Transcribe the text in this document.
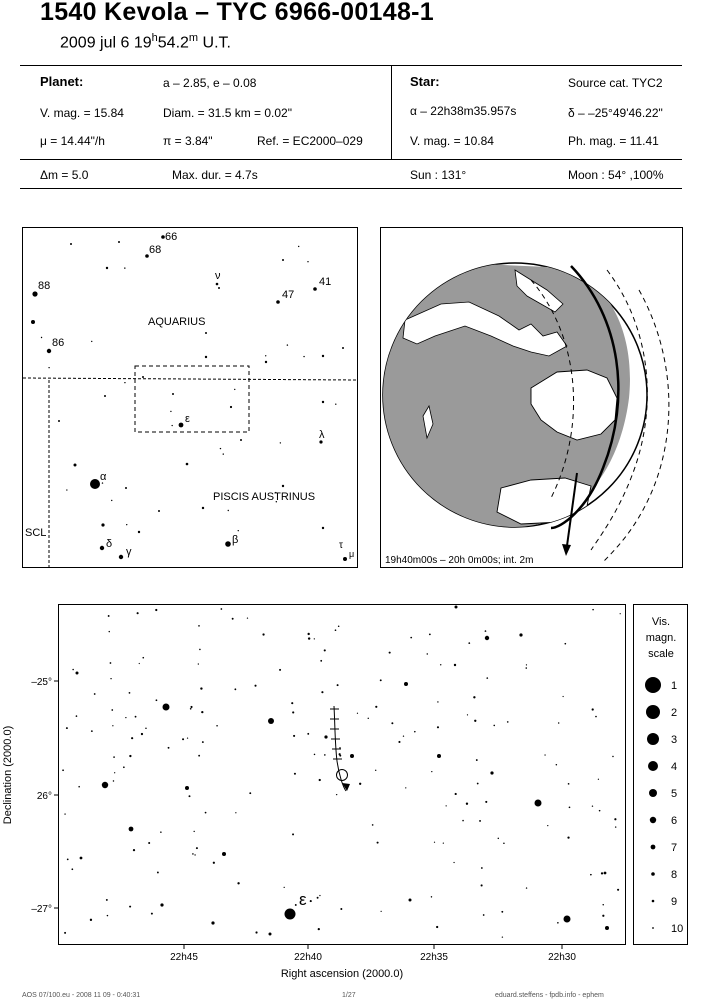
1540 Kevola – TYC 6966-00148-1
2009 jul 6 19$^h$54.2$^m$ U.T.
Planet:	a – 2.85, e – 0.08
V. mag. = 15.84	Diam. = 31.5 km = 0.02"
μ = 14.44"/h	π = 3.84"	Ref. = EC2000–029
Star:	Source cat. TYC2
α – 22h38m35.957s	δ – –25°49'46.22"
V. mag. = 10.84	Ph. mag. = 11.41
Δm = 5.0	Max. dur. = 4.7s	Sun : 131°	Moon : 54° ,100%
66
68
88
86
41
47
ν
ε
λ
α
δ
γ
β	τ
μ
AQUARIUS
PISCIS AUSTRINUS
SCL
19h40m00s – 20h 0m00s; int. 2m
ε
–25°
26°
–27°
22h45	22h40	22h35	22h30
Right ascension (2000.0)
Declination (2000.0)
Vis.
magn.
scale
1
2
3
4
5
6
7
8
9
10
AOS 07/100.eu - 2008 11 09 - 0:40:31	1/27	eduard.steffens - fpdb.info - ephem
